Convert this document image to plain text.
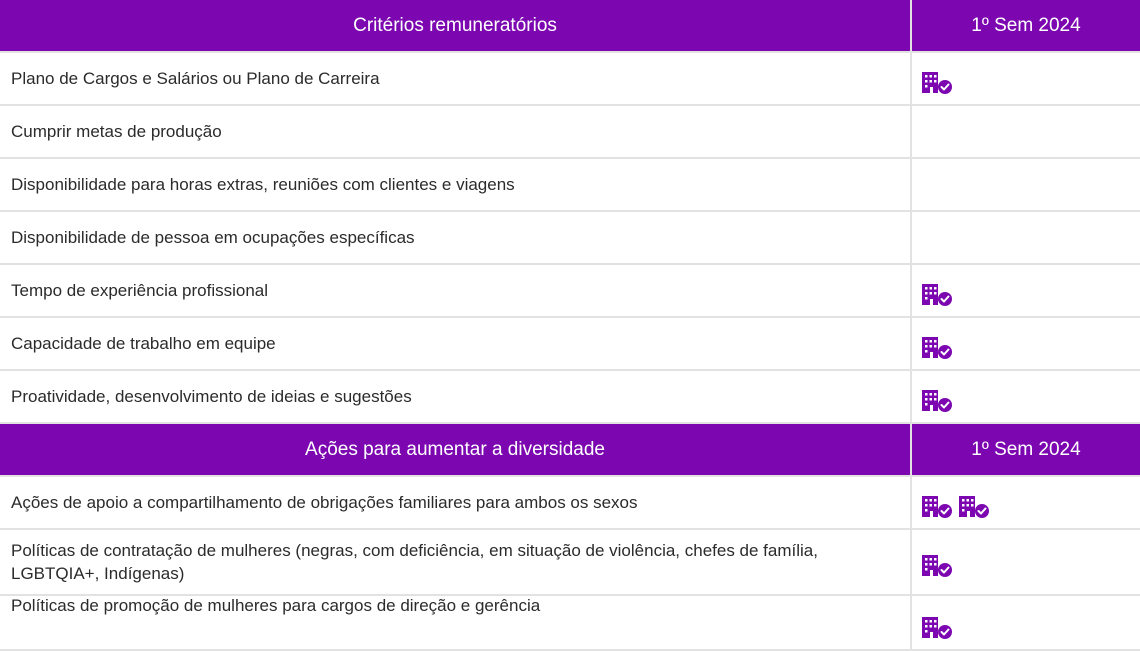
Critérios remuneratórios	1º Sem 2024
Plano de Cargos e Salários ou Plano de Carreira
Cumprir metas de produção
Disponibilidade para horas extras, reuniões com clientes e viagens
Disponibilidade de pessoa em ocupações específicas
Tempo de experiência profissional
Capacidade de trabalho em equipe
Proatividade, desenvolvimento de ideias e sugestões
Ações para aumentar a diversidade	1º Sem 2024
Ações de apoio a compartilhamento de obrigações familiares para ambos os sexos
Políticas de contratação de mulheres (negras, com deficiência, em situação de violência, chefes de família, LGBTQIA+, Indígenas)
Políticas de promoção de mulheres para cargos de direção e gerência
